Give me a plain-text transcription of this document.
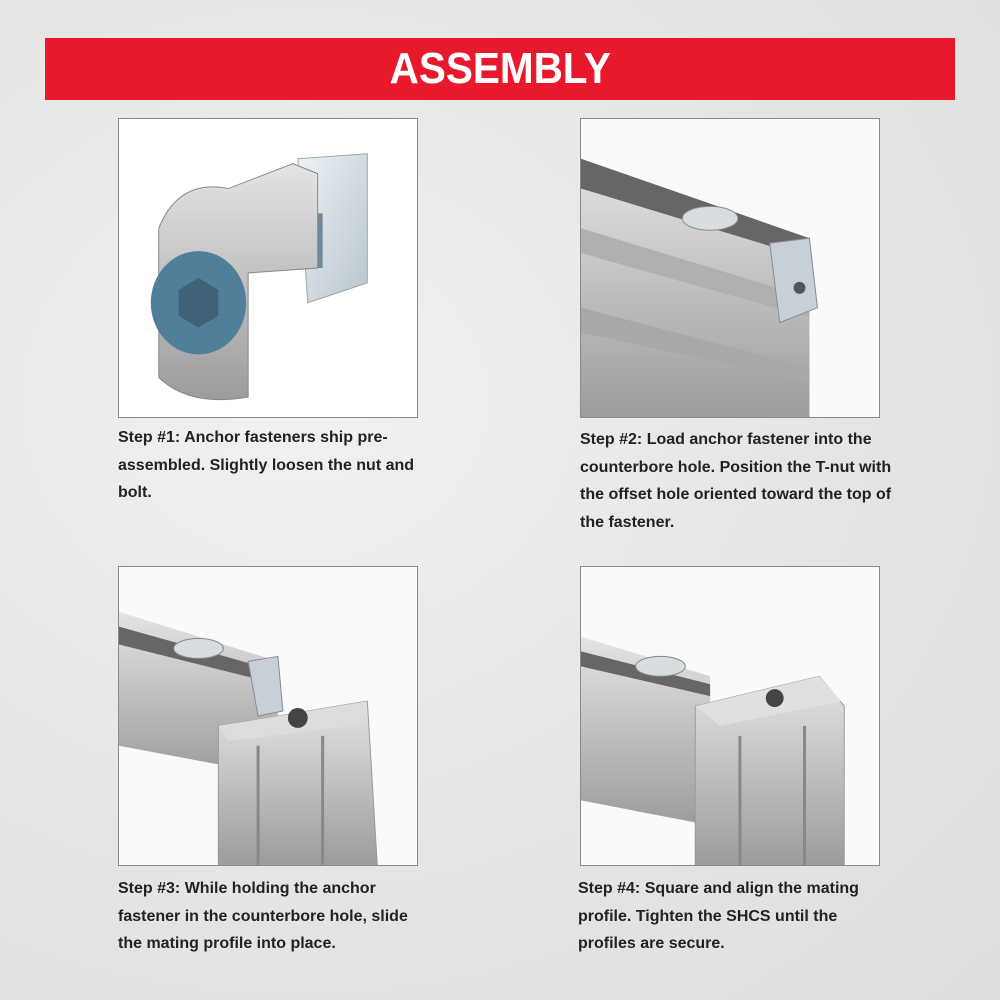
ASSEMBLY
Step #1: Anchor fasteners ship pre-assembled. Slightly loosen the nut and bolt.
Step #2: Load anchor fastener into the counterbore hole. Position the T-nut with the offset hole oriented toward the top of the fastener.
Step #3: While holding the anchor fastener in the counterbore hole, slide the mating profile into place.
Step #4: Square and align the mating profile. Tighten the SHCS until the profiles are secure.
